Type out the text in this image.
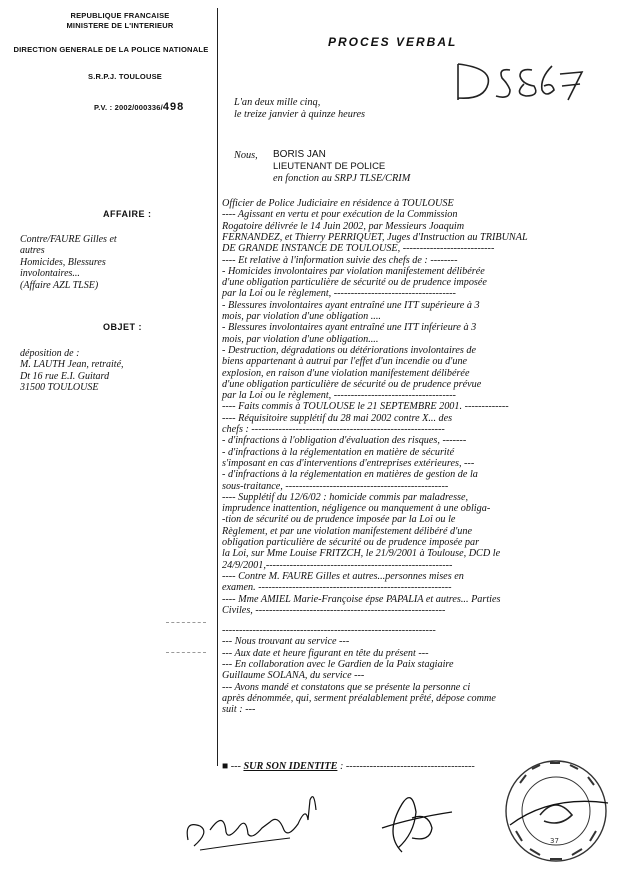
REPUBLIQUE FRANCAISE
MINISTERE DE L'INTERIEUR
DIRECTION GENERALE DE LA POLICE NATIONALE
S.R.P.J. TOULOUSE
P.V. : 2002/000336/498
PROCES VERBAL
L'an deux mille cinq,
le treize janvier à quinze heures
Nous, BORIS JAN
LIEUTENANT DE POLICE
en fonction au SRPJ TLSE/CRIM
AFFAIRE :
Contre/FAURE Gilles et
autres
Homicides, Blessures
involontaires...
(Affaire AZL TLSE)
OBJET :
déposition de :
M. LAUTH Jean, retraité,
Dt 16 rue E.I. Guitard
31500 TOULOUSE
Officier de Police Judiciaire en résidence à TOULOUSE
---- Agissant en vertu et pour exécution de la Commission
Rogatoire délivrée le 14 Juin 2002, par Messieurs Joaquim
FERNANDEZ, et Thierry PERRIQUET, Juges d'Instruction au TRIBUNAL
DE GRANDE INSTANCE DE TOULOUSE, ---------------------------
---- Et relative à l'information suivie des chefs de : --------
- Homicides involontaires par violation manifestement délibérée
d'une obligation particulière de sécurité ou de prudence imposée
par la Loi ou le règlement, ------------------------------------
- Blessures involontaires ayant entraîné une ITT supérieure à 3
mois, par violation d'une obligation ....
- Blessures involontaires ayant entraîné une ITT inférieure à 3
mois, par violation d'une obligation....
- Destruction, dégradations ou détériorations involontaires de
biens appartenant à autrui par l'effet d'un incendie ou d'une
explosion, en raison d'une violation manifestement délibérée
d'une obligation particulière de sécurité ou de prudence prévue
par la Loi ou le règlement, ------------------------------------
---- Faits commis à TOULOUSE le 21 SEPTEMBRE 2001. -------------
---- Réquisitoire supplétif du 28 mai 2002 contre X... des
chefs : ---------------------------------------------------------
- d'infractions à l'obligation d'évaluation des risques, -------
- d'infractions à la réglementation en matière de sécurité
s'imposant en cas d'interventions d'entreprises extérieures, ---
- d'infractions à la réglementation en matières de gestion de la
sous-traitance, ------------------------------------------------
---- Supplétif du 12/6/02 : homicide commis par maladresse,
imprudence inattention, négligence ou manquement à une obliga-
-tion de sécurité ou de prudence imposée par la Loi ou le
Règlement, et par une violation manifestement délibéré d'une
obligation particulière de sécurité ou de prudence imposée par
la Loi, sur Mme Louise FRITZCH, le 21/9/2001 à Toulouse, DCD le
24/9/2001,-------------------------------------------------------
---- Contre M. FAURE Gilles et autres...personnes mises en
examen. ---------------------------------------------------------
---- Mme AMIEL Marie-Françoise épse PAPALIA et autres... Parties
Civiles, --------------------------------------------------------
---------------------------------------------------------------
--- Nous trouvant au service ---
--- Aux date et heure figurant en tête du présent ---
--- En collaboration avec le Gardien de la Paix stagiaire
Guillaume SOLANA, du service ---
--- Avons mandé et constatons que se présente la personne ci
après dénommée, qui, serment préalablement prêté, dépose comme
suit : ---
■ --- SUR SON IDENTITE : --------------------------------------
37
